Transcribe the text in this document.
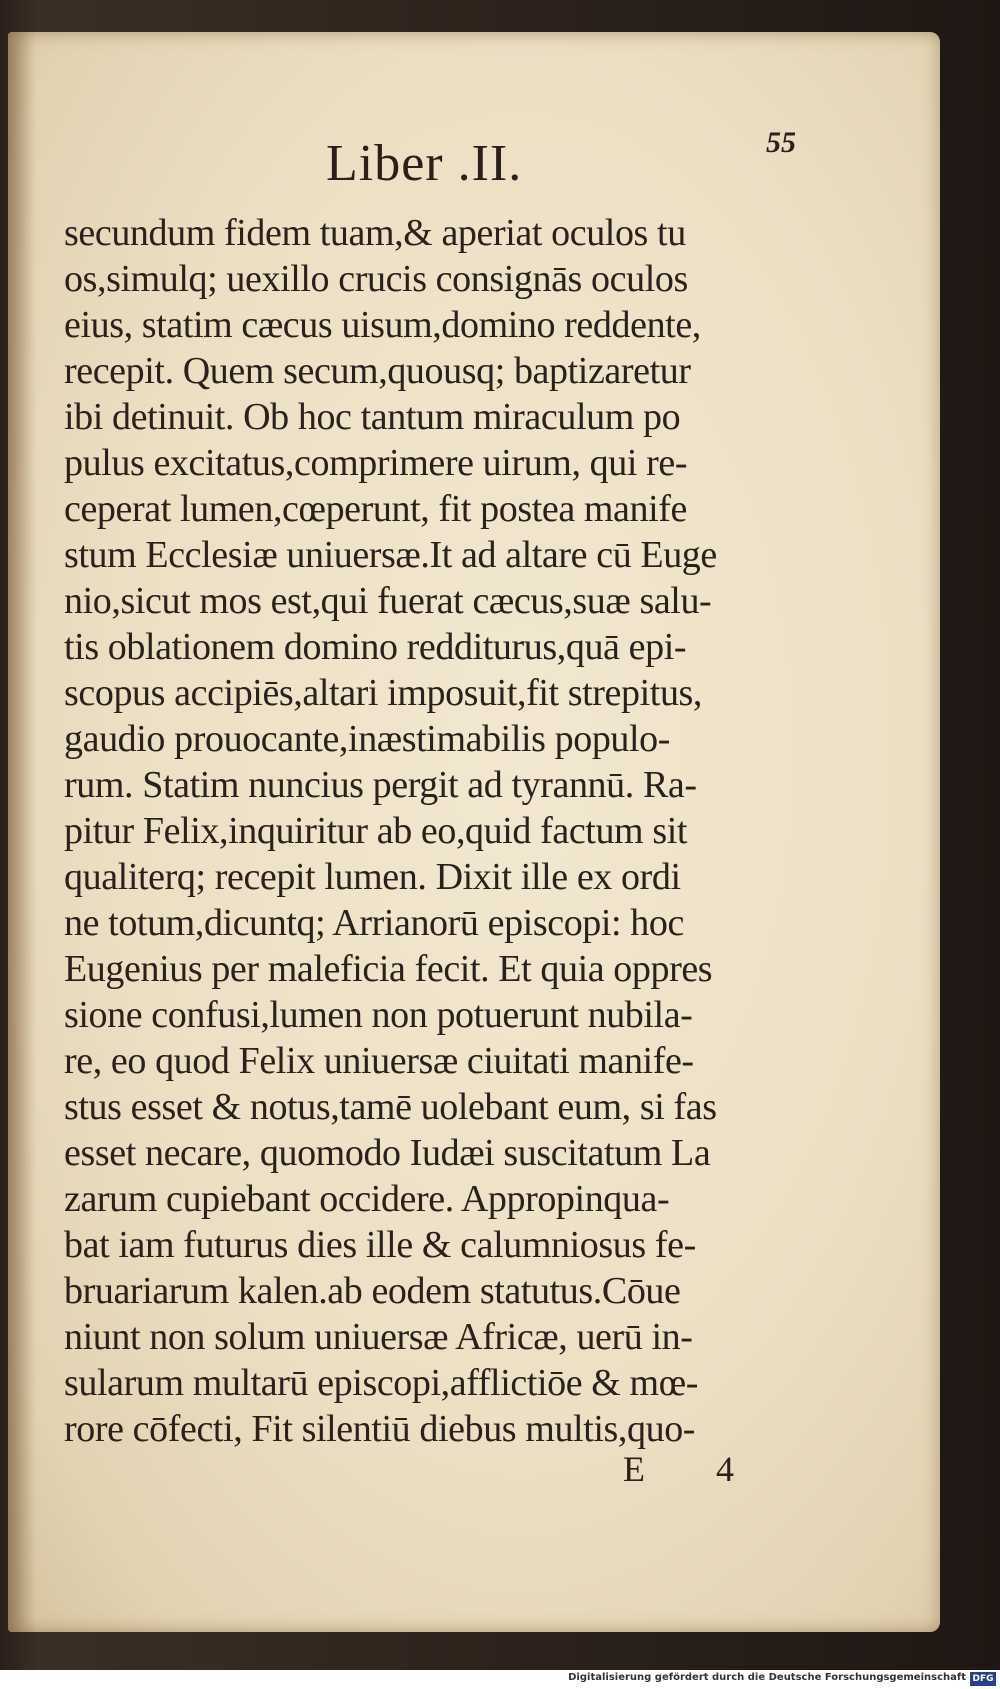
Liber .II.	55
secundum fidem tuam,& aperiat oculos tu
os,simulq; uexillo crucis consignās oculos
eius, statim cæcus uisum,domino reddente,
recepit. Quem secum,quousq; baptizaretur
ibi detinuit. Ob hoc tantum miraculum po
pulus excitatus,comprimere uirum, qui re-
ceperat lumen,cœperunt, fit postea manife
stum Ecclesiæ uniuersæ.It ad altare cū Euge
nio,sicut mos est,qui fuerat cæcus,suæ salu-
tis oblationem domino redditurus,quā epi-
scopus accipiēs,altari imposuit,fit strepitus,
gaudio prouocante,inæstimabilis populo-
rum. Statim nuncius pergit ad tyrannū. Ra-
pitur Felix,inquiritur ab eo,quid factum sit
qualiterq; recepit lumen. Dixit ille ex ordi
ne totum,dicuntq; Arrianorū episcopi: hoc
Eugenius per maleficia fecit. Et quia oppres
sione confusi,lumen non potuerunt nubila-
re, eo quod Felix uniuersæ ciuitati manife-
stus esset & notus,tamē uolebant eum, si fas
esset necare, quomodo Iudæi suscitatum La
zarum cupiebant occidere. Appropinqua-
bat iam futurus dies ille & calumniosus fe-
bruariarum kalen.ab eodem statutus.Cōue
niunt non solum uniuersæ Africæ, uerū in-
sularum multarū episcopi,afflictiōe & mœ-
rore cōfecti, Fit silentiū diebus multis,quo-
E 4
Digitalisierung gefördert durch die Deutsche Forschungsgemeinschaft DFG
